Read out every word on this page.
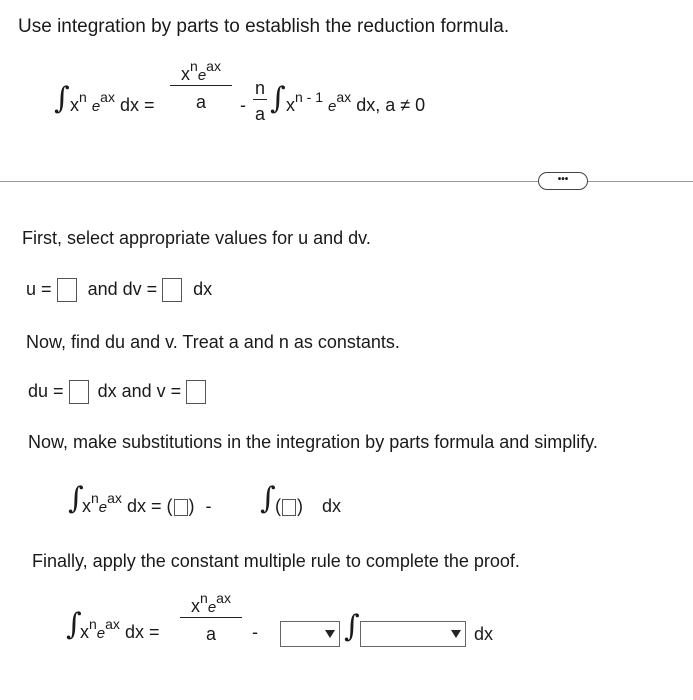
Use integration by parts to establish the reduction formula.
∫ $x^n$ $e^{ax}$ dx =
$x^ne^{ax}$
a	-
n
a ∫ $x^{n - 1}$ $e^{ax}$ dx, a ≠ 0
•••
First, select appropriate values for u and dv.
u = and dv = dx
Now, find du and v. Treat a and n as constants.
du = dx and v =
Now, make substitutions in the integration by parts formula and simplify.
∫
$x^ne^{ax}$ dx = ( ) - ∫ ( ) dx
Finally, apply the constant multiple rule to complete the proof.
∫
$x^ne^{ax}$ dx =
$x^ne^{ax}$
a	-	∫	dx
